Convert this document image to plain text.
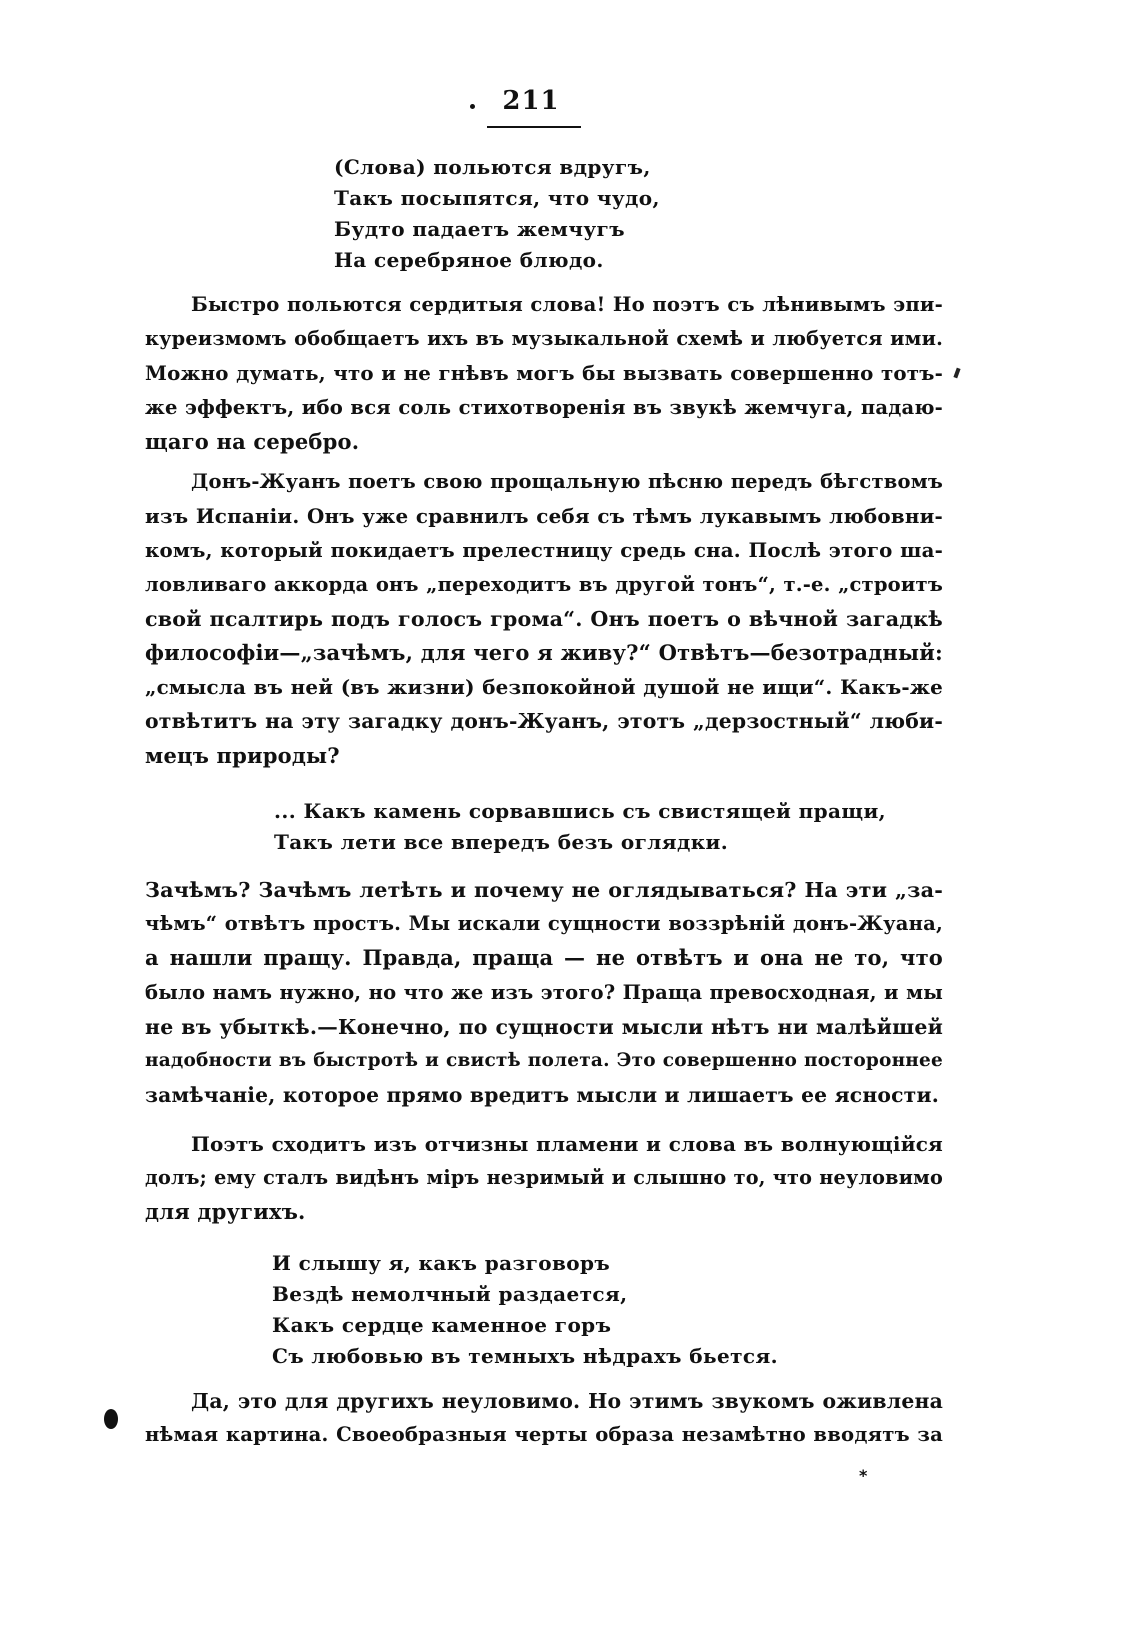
211
(Слова) польются вдругъ,
Такъ посыпятся, что чудо,
Будто падаетъ жемчугъ
На серебряное блюдо.
Быстро польются сердитыя слова! Но поэтъ съ лѣнивымъ эпи-
куреизмомъ обобщаетъ ихъ въ музыкальной схемѣ и любуется ими.
Можно думать, что и не гнѣвъ могъ бы вызвать совершенно тотъ-
же эффектъ, ибо вся соль стихотворенія въ звукѣ жемчуга, падаю-
щаго на серебро.
Донъ-Жуанъ поетъ свою прощальную пѣсню передъ бѣгствомъ
изъ Испаніи. Онъ уже сравнилъ себя съ тѣмъ лукавымъ любовни-
комъ, который покидаетъ прелестницу средь сна. Послѣ этого ша-
ловливаго аккорда онъ „переходитъ въ другой тонъ“, т.-е. „строитъ
свой псалтирь подъ голосъ грома“. Онъ поетъ о вѣчной загадкѣ
философіи—„зачѣмъ, для чего я живу?“ Отвѣтъ—безотрадный:
„смысла въ ней (въ жизни) безпокойной душой не ищи“. Какъ-же
отвѣтитъ на эту загадку донъ-Жуанъ, этотъ „дерзостный“ люби-
мецъ природы?
... Какъ камень сорвавшись съ свистящей пращи,
Такъ лети все впередъ безъ оглядки.
Зачѣмъ? Зачѣмъ летѣть и почему не оглядываться? На эти „за-
чѣмъ“ отвѣтъ простъ. Мы искали сущности воззрѣній донъ-Жуана,
а нашли пращу. Правда, праща — не отвѣтъ и она не то, что
было намъ нужно, но что же изъ этого? Праща превосходная, и мы
не въ убыткѣ.—Конечно, по сущности мысли нѣтъ ни малѣйшей
надобности въ быстротѣ и свистѣ полета. Это совершенно постороннее
замѣчаніе, которое прямо вредитъ мысли и лишаетъ ее ясности.
Поэтъ сходитъ изъ отчизны пламени и слова въ волнующійся
долъ; ему сталъ видѣнъ міръ незримый и слышно то, что неуловимо
для другихъ.
И слышу я, какъ разговоръ
Вездѣ немолчный раздается,
Какъ сердце каменное горъ
Съ любовью въ темныхъ нѣдрахъ бьется.
Да, это для другихъ неуловимо. Но этимъ звукомъ оживлена
нѣмая картина. Своеобразныя черты образа незамѣтно вводятъ за
*
